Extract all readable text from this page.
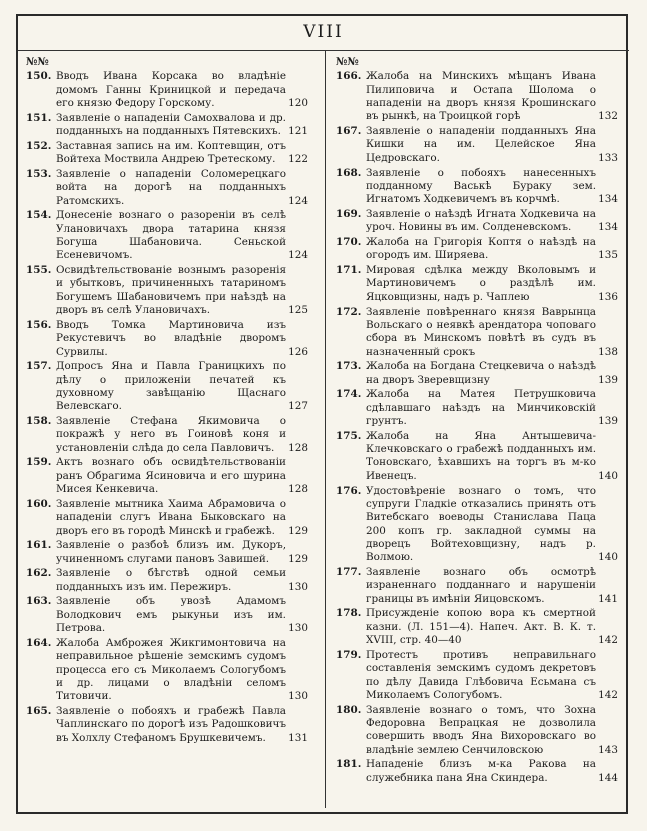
VIII
№№
150. Вводъ Ивана Корсака во владѣніе домомъ Ганны Криницкой и передача его князю Федору Горскому.	120
151. Заявленіе о нападеніи Самохвалова и др. подданныхъ на подданныхъ Пятевскихъ. 121
152. Заставная запись на им. Коптевщин, отъ Войтеха Моствила Андрею Третескому.	122
153. Заявленіе о нападеніи Соломерецкаго войта на дорогѣ на подданныхъ Ратомскихъ.	124
154. Донесеніе вознаго о разореніи въ селѣ Улановичахъ двора татарина князя Богуша Шабановича. Сеньской Есеневичомъ.	124
155. Освидѣтельствованіе вознымъ разоренія и убытковъ, причиненныхъ татариномъ Богушемъ Шабановичемъ при наѣздѣ на дворъ въ селѣ Улановичахъ.	125
156. Вводъ Томка Мартиновича изъ Рекустевичъ во владѣніе дворомъ Сурвилы.	126
157. Допросъ Яна и Павла Границкихъ по дѣлу о приложеніи печатей къ духовному завѣщанію Щаснаго Велевскаго.	127
158. Заявленіе Стефана Якимовича о покражѣ у него въ Гоиновѣ коня и установленіи слѣда до села Павловичъ.	128
159. Актъ вознаго объ освидѣтельствованіи ранъ Обрагима Ясиновича и его шурина Мисея Кенкевича.	128
160. Заявленіе мытника Хаима Абрамовича о нападеніи слугъ Ивана Быковскаго на дворъ его въ городѣ Минскѣ и грабежѣ.	129
161. Заявленіе о разбоѣ близъ им. Дукоръ, учиненномъ слугами пановъ Завишей.	129
162. Заявленіе о бѣгствѣ одной семьи подданныхъ изъ им. Пережиръ.	130
163. Заявленіе объ увозѣ Адамомъ Володкович емъ рыкуньи изъ им. Петрова.	130
164. Жалоба Амброжея Жикгимонтовича на неправильное рѣшеніе земскимъ судомъ процесса его съ Миколаемъ Сологубомъ и др. лицами о владѣніи селомъ Титовичи.	130
165. Заявленіе о побояхъ и грабежѣ Павла Чаплинскаго по дорогѣ изъ Радошковичъ въ Холхлу Стефаномъ Брушкевичемъ.	131
№№
166. Жалоба на Минскихъ мѣщанъ Ивана Пилиповича и Остапа Шолома о нападеніи на дворъ князя Крошинскаго въ рынкѣ, на Троицкой горѣ	132
167. Заявленіе о нападеніи подданныхъ Яна Кишки на им. Целейское Яна Цедровскаго.	133
168. Заявленіе о побояхъ нанесенныхъ подданному Васькѣ Бураку зем. Игнатомъ Ходкевичемъ въ корчмѣ.	134
169. Заявленіе о наѣздѣ Игната Ходкевича на уроч. Новины въ им. Солденевскомъ.	134
170. Жалоба на Григорія Коптя о наѣздѣ на огородъ им. Ширяева.	135
171. Мировая сдѣлка между Вкoловымъ и Мартиновичемъ о раздѣлѣ им. Яцковщизны, надъ р. Чаплею	136
172. Заявленіе повѣреннаго князя Ваврынца Вольскаго о неявкѣ арендатора чоповаго сбора въ Минскомъ повѣтѣ въ судъ въ назначенный срокъ	138
173. Жалоба на Богдана Стецкевича о наѣздѣ на дворъ Зверевщизну	139
174. Жалоба на Матея Петрушковича сдѣлавшаго наѣздъ на Минчиковскій грунтъ.	139
175. Жалоба на Яна Антышевича-Клечковскаго о грабежѣ подданныхъ им. Тоновскаго, ѣхавшихъ на торгъ въ м-ко Ивенецъ.	140
176. Удостовѣреніе вознаго о томъ, что супруги Гладкіе отказались принять отъ Витебскаго воеводы Станислава Паца 200 копъ гр. закладной суммы на дворецъ Войтеховщизну, надъ р. Волмою.	140
177. Заявленіе вознаго объ осмотрѣ израненнаго подданнаго и нарушеніи границы въ имѣніи Яицовскомъ.	141
178. Присужденіе копою вора къ смертной казни. (Л. 151—4). Напеч. Акт. В. К. т. XVIII, стр. 40—40	142
179. Протестъ противъ неправильнаго составленія земскимъ судомъ декретовъ по дѣлу Давида Глѣбовича Есьмана съ Миколаемъ Сологубомъ.	142
180. Заявленіе вознаго о томъ, что Зохна Федоровна Вепрацкая не дозволила совершить вводъ Яна Вихоровскаго во владѣніе землею Сенчиловскою	143
181. Нападеніе близъ м-ка Ракова на служебника пана Яна Скиндера.	144
